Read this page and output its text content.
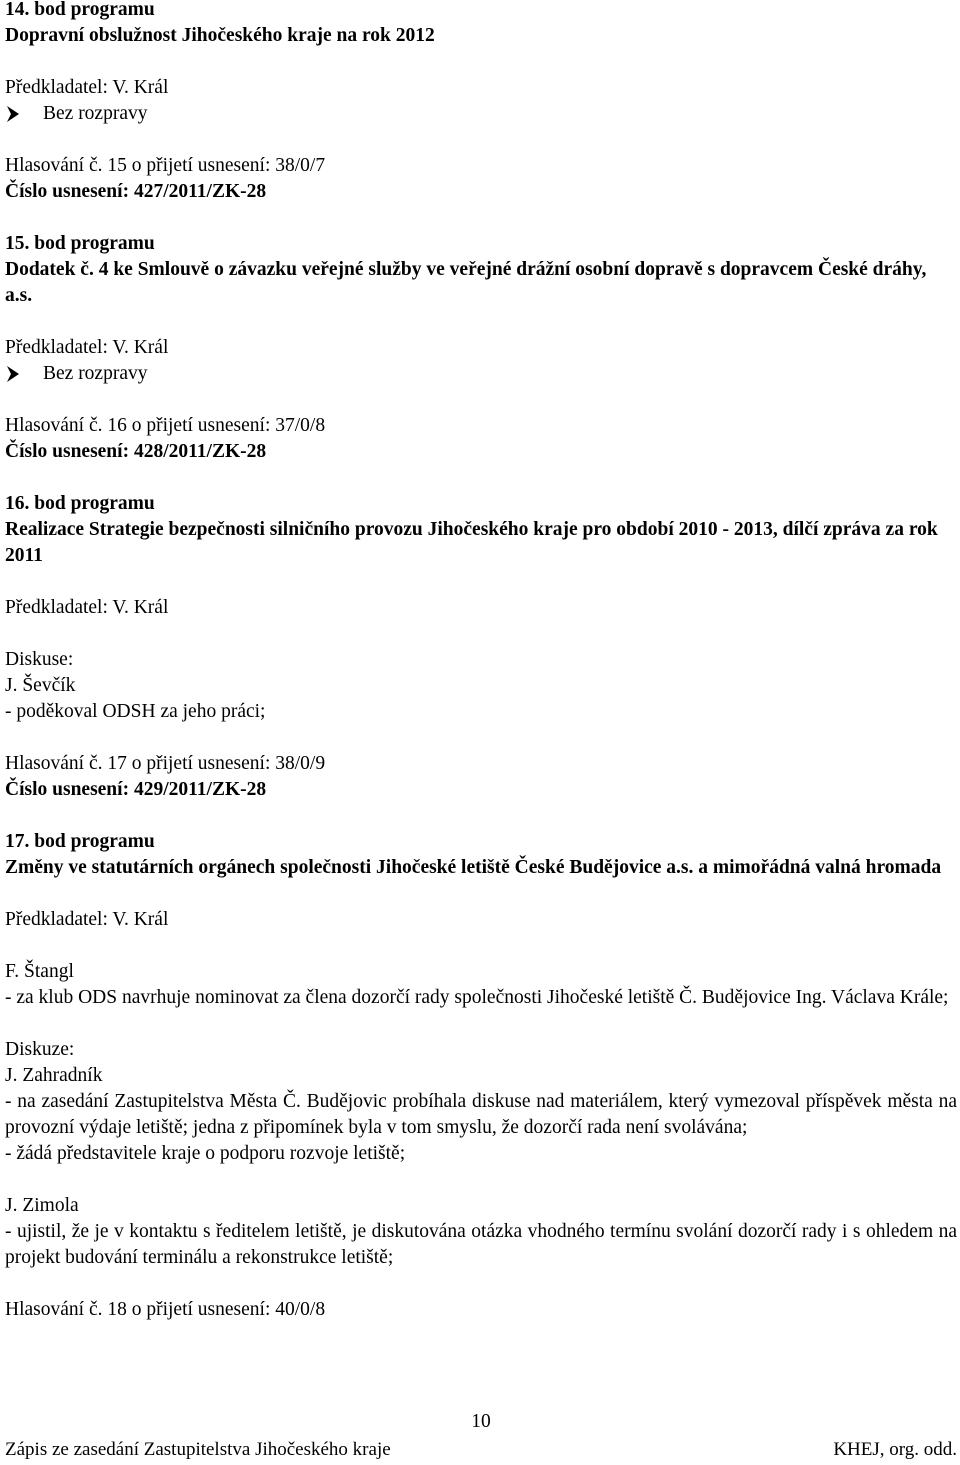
14. bod programu

Dopravní obslužnost Jihočeského kraje na rok 2012

Předkladatel: V. Král

Bez rozpravy

Hlasování č. 15 o přijetí usnesení: 38/0/7

Číslo usnesení: 427/2011/ZK-28

15. bod programu

Dodatek č. 4 ke Smlouvě o závazku veřejné služby ve veřejné drážní osobní dopravě s dopravcem České dráhy, a.s.

Předkladatel: V. Král

Bez rozpravy

Hlasování č. 16 o přijetí usnesení: 37/0/8

Číslo usnesení: 428/2011/ZK-28

16. bod programu

Realizace Strategie bezpečnosti silničního provozu Jihočeského kraje pro období 2010 - 2013, dílčí zpráva za rok 2011

Předkladatel: V. Král

Diskuse:

J. Ševčík

- poděkoval ODSH za jeho práci;

Hlasování č. 17 o přijetí usnesení: 38/0/9

Číslo usnesení: 429/2011/ZK-28

17. bod programu

Změny ve statutárních orgánech společnosti Jihočeské letiště České Budějovice a.s. a mimořádná valná hromada

Předkladatel: V. Král

F. Štangl

- za klub ODS navrhuje nominovat za člena dozorčí rady společnosti Jihočeské letiště Č. Budějovice Ing. Václava Krále;

Diskuze:

J. Zahradník

- na zasedání Zastupitelstva Města Č. Budějovic probíhala diskuse nad materiálem, který vymezoval příspěvek města na provozní výdaje letiště; jedna z připomínek byla v tom smyslu, že dozorčí rada není svolávána;

- žádá představitele kraje o podporu rozvoje letiště;

J. Zimola

- ujistil, že je v kontaktu s ředitelem letiště, je diskutována otázka vhodného termínu svolání dozorčí rady i s ohledem na projekt budování terminálu a rekonstrukce letiště;

Hlasování č. 18 o přijetí usnesení: 40/0/8

10
Zápis ze zasedání Zastupitelstva Jihočeského kraje	KHEJ, org. odd.
